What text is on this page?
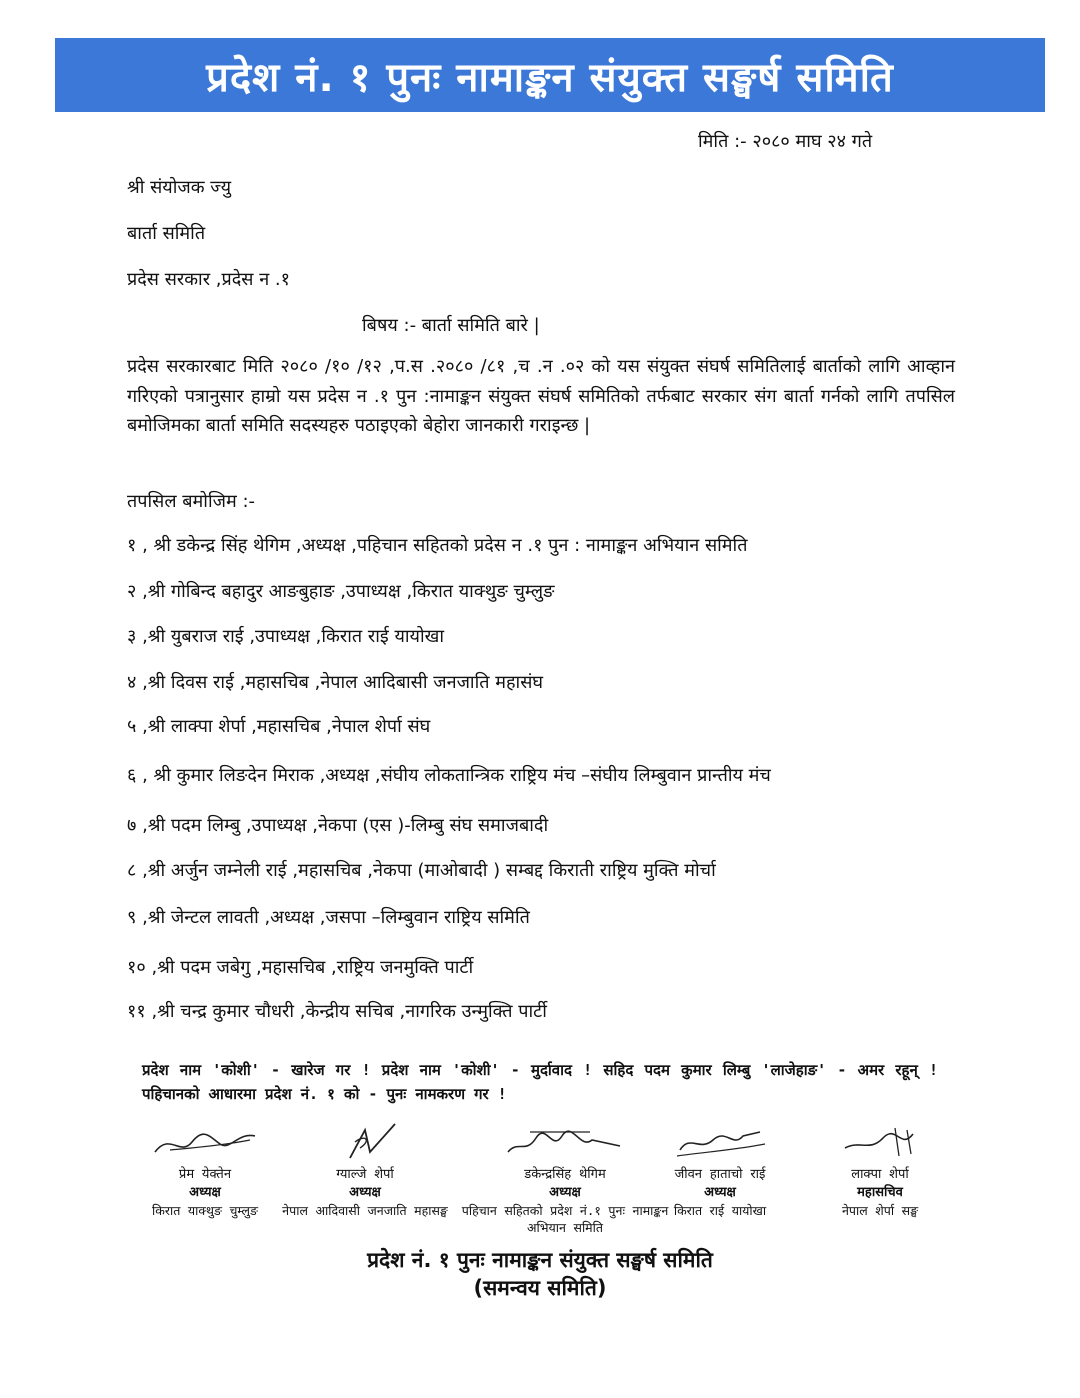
प्रदेश नं. १ पुनः नामाङ्कन संयुक्त सङ्घर्ष समिति
मिति :- २०८० माघ २४ गते
श्री संयोजक ज्यु
बार्ता समिति
प्रदेस सरकार ,प्रदेस न .१
बिषय :- बार्ता समिति बारे |
प्रदेस सरकारबाट मिति २०८० /१० /१२ ,प.स .२०८० /८१ ,च .न .०२ को यस संयुक्त संघर्ष समितिलाई बार्ताको लागि आव्हान गरिएको पत्रानुसार हाम्रो यस प्रदेस न .१ पुन :नामाङ्कन संयुक्त संघर्ष समितिको तर्फबाट सरकार संग बार्ता गर्नको लागि तपसिल बमोजिमका बार्ता समिति सदस्यहरु पठाइएको बेहोरा जानकारी गराइन्छ |
तपसिल बमोजिम :-
१ , श्री डकेन्द्र सिंह थेगिम ,अध्यक्ष ,पहिचान सहितको प्रदेस न .१ पुन : नामाङ्कन अभियान समिति
२ ,श्री गोबिन्द बहादुर आङबुहाङ ,उपाध्यक्ष ,किरात याक्थुङ चुम्लुङ
३ ,श्री युबराज राई ,उपाध्यक्ष ,किरात राई यायोखा
४ ,श्री दिवस राई ,महासचिब ,नेपाल आदिबासी जनजाति महासंघ
५ ,श्री लाक्पा शेर्पा ,महासचिब ,नेपाल शेर्पा संघ
६ , श्री कुमार लिङदेन मिराक ,अध्यक्ष ,संघीय लोकतान्त्रिक राष्ट्रिय मंच –संघीय लिम्बुवान प्रान्तीय मंच
७ ,श्री पदम लिम्बु ,उपाध्यक्ष ,नेकपा (एस )-लिम्बु संघ समाजबादी
८ ,श्री अर्जुन जम्नेली राई ,महासचिब ,नेकपा (माओबादी ) सम्बद्द किराती राष्ट्रिय मुक्ति मोर्चा
९ ,श्री जेन्टल लावती ,अध्यक्ष ,जसपा –लिम्बुवान राष्ट्रिय समिति
१० ,श्री पदम जबेगु ,महासचिब ,राष्ट्रिय जनमुक्ति पार्टी
११ ,श्री चन्द्र कुमार चौधरी ,केन्द्रीय सचिब ,नागरिक उन्मुक्ति पार्टी
प्रदेश नाम 'कोशी' - खारेज गर ! प्रदेश नाम 'कोशी' - मुर्दावाद ! सहिद पदम कुमार लिम्बु 'लाजेहाङ' - अमर रहून् ! पहिचानको आधारमा प्रदेश नं. १ को - पुनः नामकरण गर !
प्रेम येक्तेन
अध्यक्ष
किरात याक्थुङ चुम्लुङ
ग्याल्जे शेर्पा
अध्यक्ष
नेपाल आदिवासी जनजाति महासङ्घ
डकेन्द्रसिंह थेगिम
अध्यक्ष
पहिचान सहितको प्रदेश नं.१ पुनः नामाङ्कन अभियान समिति
जीवन हाताचो राई
अध्यक्ष
किरात राई यायोखा
लाक्पा शेर्पा
महासचिव
नेपाल शेर्पा सङ्घ
प्रदेश नं. १ पुनः नामाङ्कन संयुक्त सङ्घर्ष समिति
(समन्वय समिति)
